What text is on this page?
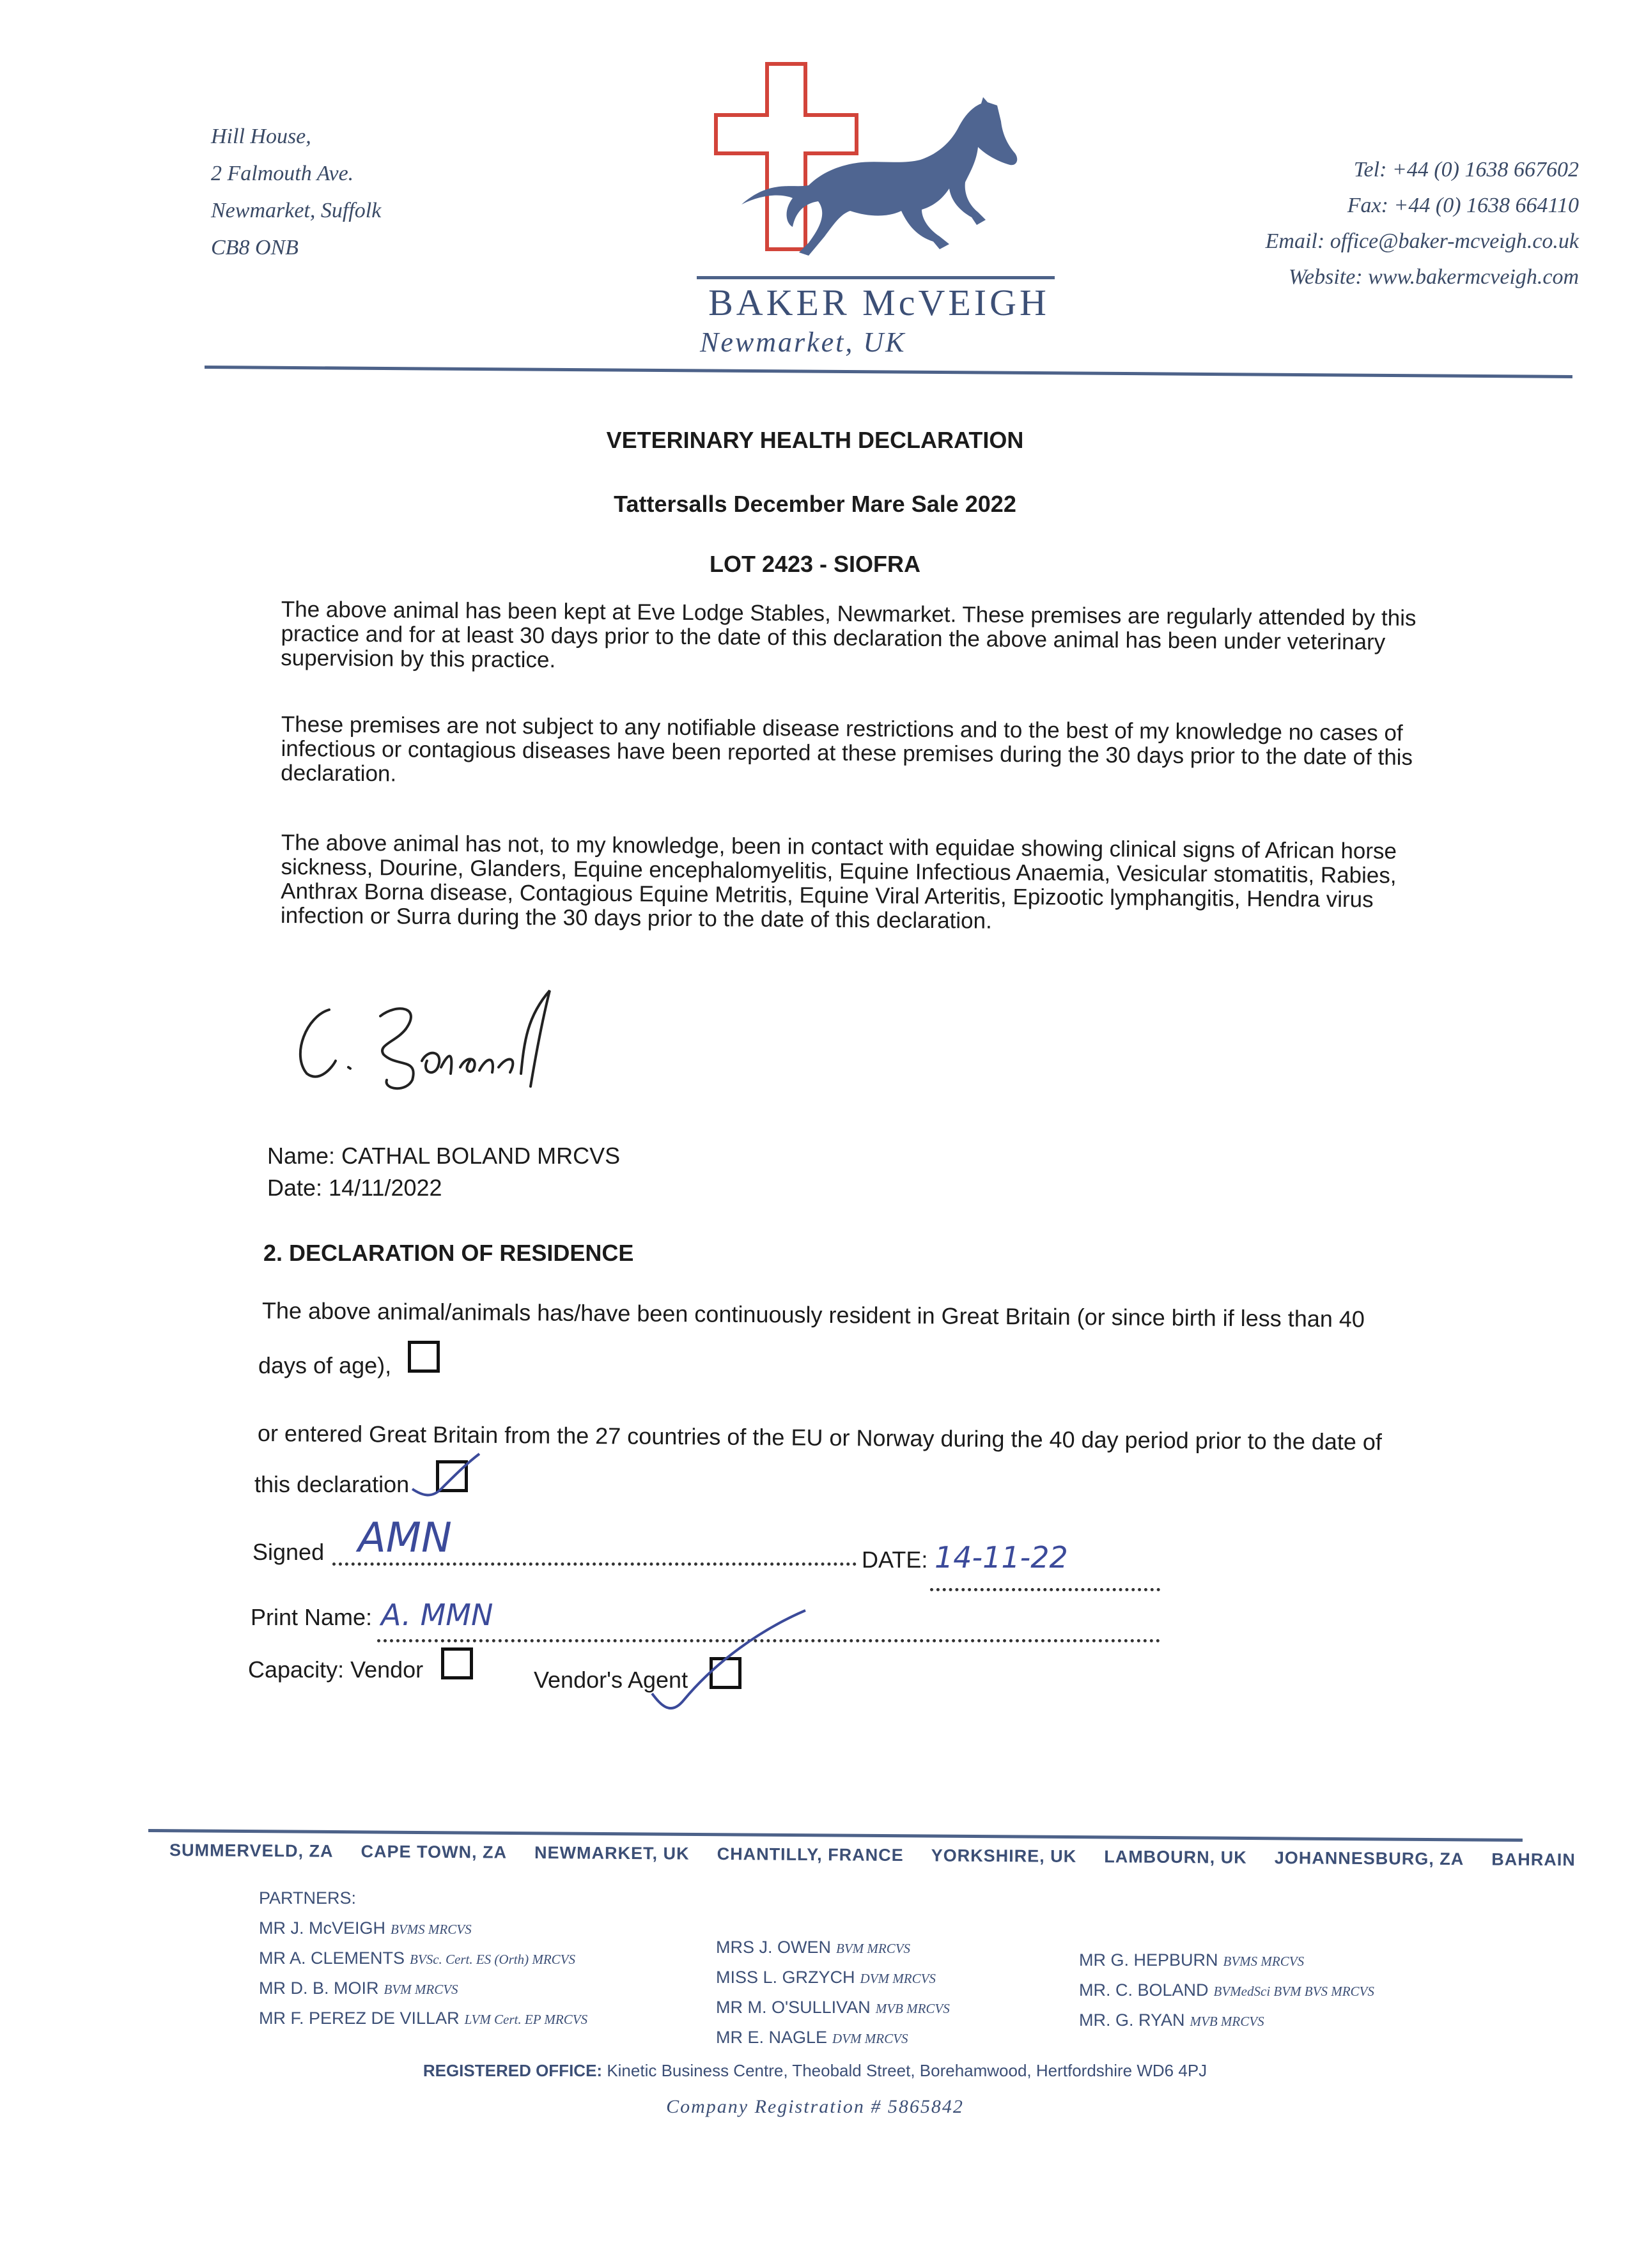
Hill House,
2 Falmouth Ave.
Newmarket, Suffolk
CB8 ONB
BAKER McVEIGH
Newmarket, UK
Tel: +44 (0) 1638 667602
Fax: +44 (0) 1638 664110
Email: office@baker-mcveigh.co.uk
Website: www.bakermcveigh.com
VETERINARY HEALTH DECLARATION
Tattersalls December Mare Sale 2022
LOT 2423 - SIOFRA
The above animal has been kept at Eve Lodge Stables, Newmarket. These premises are regularly attended by this practice and for at least 30 days prior to the date of this declaration the above animal has been under veterinary supervision by this practice.
These premises are not subject to any notifiable disease restrictions and to the best of my knowledge no cases of infectious or contagious diseases have been reported at these premises during the 30 days prior to the date of this declaration.
The above animal has not, to my knowledge, been in contact with equidae showing clinical signs of African horse sickness, Dourine, Glanders, Equine encephalomyelitis, Equine Infectious Anaemia, Vesicular stomatitis, Rabies, Anthrax Borna disease, Contagious Equine Metritis, Equine Viral Arteritis, Epizootic lymphangitis, Hendra virus infection or Surra during the 30 days prior to the date of this declaration.
Name: CATHAL BOLAND MRCVS
Date: 14/11/2022
2. DECLARATION OF RESIDENCE
The above animal/animals has/have been continuously resident in Great Britain (or since birth if less than 40
days of age),
or entered Great Britain from the 27 countries of the EU or Norway during the 40 day period prior to the date of
this declaration
Signed AMN	DATE: 14-11-22
Print Name: A. MMN
Capacity: Vendor	Vendor's Agent
SUMMERVELD, ZA CAPE TOWN, ZA NEWMARKET, UK CHANTILLY, FRANCE YORKSHIRE, UK LAMBOURN, UK JOHANNESBURG, ZA BAHRAIN
PARTNERS:
MR J. McVEIGH BVMS MRCVS
MR A. CLEMENTS BVSc. Cert. ES (Orth) MRCVS
MR D. B. MOIR BVM MRCVS
MR F. PEREZ DE VILLAR LVM Cert. EP MRCVS
MRS J. OWEN BVM MRCVS
MISS L. GRZYCH DVM MRCVS
MR M. O'SULLIVAN MVB MRCVS
MR E. NAGLE DVM MRCVS
MR G. HEPBURN BVMS MRCVS
MR. C. BOLAND BVMedSci BVM BVS MRCVS
MR. G. RYAN MVB MRCVS
REGISTERED OFFICE: Kinetic Business Centre, Theobald Street, Borehamwood, Hertfordshire WD6 4PJ
Company Registration # 5865842
